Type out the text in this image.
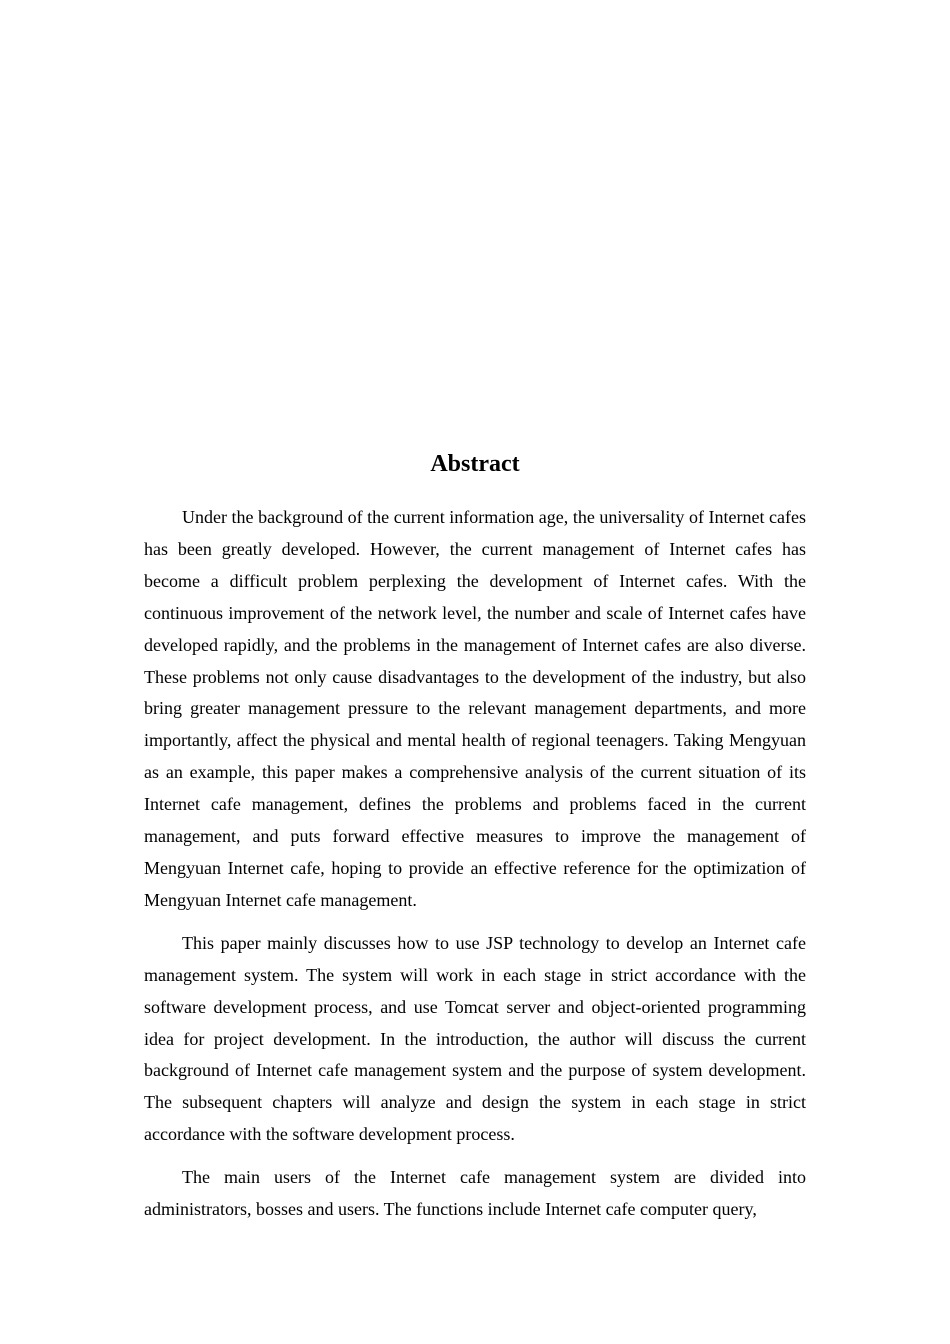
Abstract

Under the background of the current information age, the universality of Internet cafes has been greatly developed. However, the current management of Internet cafes has become a difficult problem perplexing the development of Internet cafes. With the continuous improvement of the network level, the number and scale of Internet cafes have developed rapidly, and the problems in the management of Internet cafes are also diverse. These problems not only cause disadvantages to the development of the industry, but also bring greater management pressure to the relevant management departments, and more importantly, affect the physical and mental health of regional teenagers. Taking Mengyuan as an example, this paper makes a comprehensive analysis of the current situation of its Internet cafe management, defines the problems and problems faced in the current management, and puts forward effective measures to improve the management of Mengyuan Internet cafe, hoping to provide an effective reference for the optimization of Mengyuan Internet cafe management.

This paper mainly discusses how to use JSP technology to develop an Internet cafe management system. The system will work in each stage in strict accordance with the software development process, and use Tomcat server and object-oriented programming idea for project development. In the introduction, the author will discuss the current background of Internet cafe management system and the purpose of system development. The subsequent chapters will analyze and design the system in each stage in strict accordance with the software development process.

The main users of the Internet cafe management system are divided into administrators, bosses and users. The functions include Internet cafe computer query,
